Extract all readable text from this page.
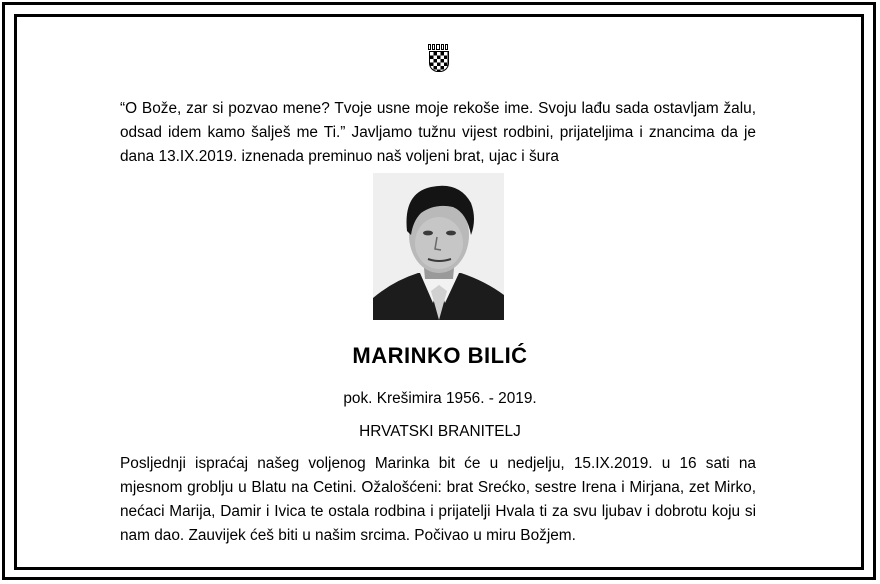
“O Bože, zar si pozvao mene? Tvoje usne moje rekoše ime. Svoju lađu sada ostavljam žalu, odsad idem kamo šalješ me Ti.” Javljamo tužnu vijest rodbini, prijateljima i znancima da je dana 13.IX.2019. iznenada preminuo naš voljeni brat, ujac i šura

MARINKO BILIĆ
pok. Krešimira 1956. - 2019.
HRVATSKI BRANITELJ

Posljednji ispraćaj našeg voljenog Marinka bit će u nedjelju, 15.IX.2019. u 16 sati na mjesnom groblju u Blatu na Cetini. Ožalošćeni: brat Srećko, sestre Irena i Mirjana, zet Mirko, nećaci Marija, Damir i Ivica te ostala rodbina i prijatelji Hvala ti za svu ljubav i dobrotu koju si nam dao. Zauvijek ćeš biti u našim srcima. Počivao u miru Božjem.
